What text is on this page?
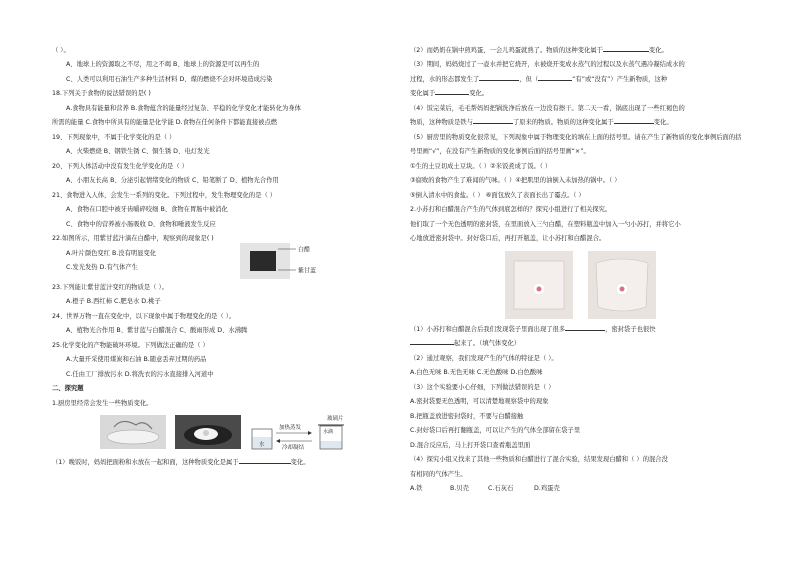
（ ）。
A、地球上的资源取之不尽，用之不竭 B、地球上的资源是可以再生的
C、人类可以利用石油生产多种生活材料 D、煤的燃烧不会对环境造成污染
18.下列关于食物的说法错误的是( )
A.食物具有能量和营养 B.食物蕴含的能量经过复杂、平稳的化学变化才能转化为身体
所需的能量 C.食物中所具有的能量是化学能 D.食物在任何条件下都能直接被点燃
19、下列现象中，不属于化学变化的是（ ）
A、火柴燃烧 B、钢铁生锈 C、铜生锈 D、电灯发光
20、下列人体活动中没有发生化学变化的是（ ）
A、小朋友长高 B、分泌引起情绪变化的物质 C、铅笔断了 D、植物光合作用
21、食物进入人体，会发生一系列的变化。下列过程中，发生物理变化的是（ ）
A、食物在口腔中被牙齿嚼碎咬细 B、食物在胃肠中被消化
C、食物中的营养被小肠吸收 D、食物和唾液发生反应
22.如图所示，用紫甘蓝汁滴在白醋中，观察到的现象是( )
A.叶片颜色变红 B.没有明显变化
C.发光发热 D.有气体产生
白醋
紫甘蓝
23.下列能让紫甘蓝汁变红的物质是（ ）。
A.橙子 B.西红柿 C.肥皂水 D.桃子
24、世界万物一直在变化中，以下现象中属于物理变化的是（ ）。
A、植物光合作用 B、紫甘蓝与白醋混合 C、酸雨形成 D、水沸腾
25.化学变化的产物能破坏环境。下列做法正确的是（ ）
A.大量开采使用煤炭和石油 B.随意丢弃过期的药品
C.任由工厂排放污水 D.将洗衣的污水直接排入河道中
二、探究题
1.厨房里经常会发生一些物质变化。
水
加热蒸发
冷却凝结
玻璃片
水滴
（1）晚饭时，妈妈把面粉和水放在一起和面，这种物质变化是属于	变化。
（2）而奶奶在锅中煎鸡蛋，一会儿鸡蛋就熟了。物质的这种变化属于	变化。
（3）期间，妈妈烧过了一壶水并把它烧开，水被烧开变成水蒸气的过程以及水蒸气遇冷凝结成水的
过程，水的形态都发生了	，但（	“有”或“没有”）产生新物质，这种
变化属于	变化。
（4）饭完菜后，毛毛帮妈妈把锅洗净后放在一边没有擦干。第二天一看，锅底出现了一些红褐色的
物质，这种物质是铁与	了原来的物质。物质的这种变化属于	变化。
（5）厨房里的物质变化很常见，下列现象中属于物理变化的填在上面的括号里。请在产生了新物质的变化事例后面的括
号里画“√”，在没有产生新物质的变化事例后面的括号里画“×”。
①生的土豆切成土豆块。（ ）②米饭煮成了饭。（ ）
③腐败的食物产生了难闻的气味。（ ）④把肌里的油倒入未加热的锅中。（ ）
⑤倒入清水中的食盐。（ ） ⑥面包放久了表面长出了霉点。（ ）
2.小苏打和白醋混合产生的气体到底怎样的？探究小组进行了相关探究。
他们取了一个无色透明的密封袋，在里面放入三勺白醋，在塑料瓶盖中加入一勺小苏打，并将它小
心地放进密封袋中。封好袋口后，再打开瓶盖，让小苏打和白醋混合。
（1）小苏打和白醋混合后我们发现袋子里面出现了很多	，密封袋子也很快
起来了。（填气体变化）
（2）通过观察，我们发现产生的气体的特征是（ ）。
A.白色无味 B.无色无味 C.无色酸味 D.白色酸味
（3）这个实验要小心仔细，下列做法错误的是（ ）
A.密封袋要无色透明，可以清楚地观察袋中的现象
B.把瓶盖放进密封袋时，不要与白醋接触
C.封好袋口后再打翻瓶盖，可以让产生的气体全部留在袋子里
D.混合反应后，马上打开袋口查看瓶盖里面
（4）探究小组又找来了其他一些物质和白醋进行了混合实验，结果发现白醋和（ ）的混合没
有相同的气体产生。
A.铁	B.贝壳	C.石灰石	D.鸡蛋壳
